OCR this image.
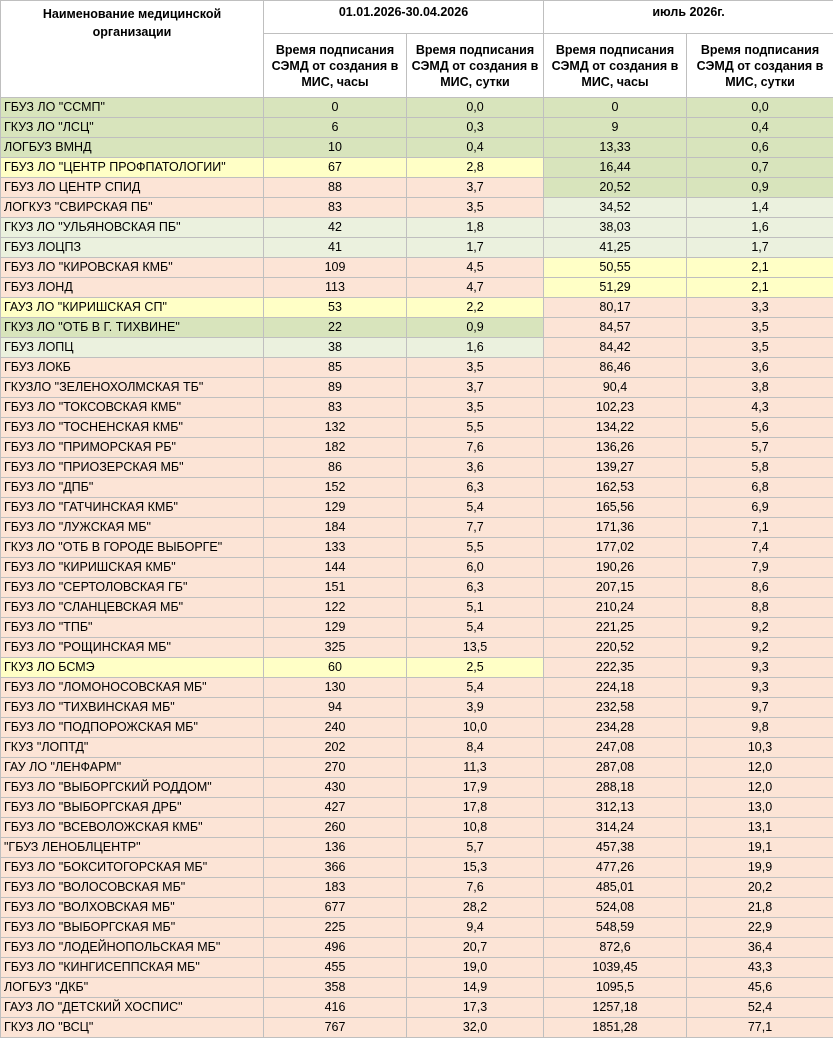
Наименование медицинской организации	01.01.2026-30.04.2026		июль 2026г.	
	Время подписания СЭМД от создания в МИС, часы	Время подписания СЭМД от создания в МИС, сутки	Время подписания СЭМД от создания в МИС, часы	Время подписания СЭМД от создания в МИС, сутки
ГБУЗ ЛО "ССМП"	0	0,0	0	0,0
ГКУЗ ЛО "ЛСЦ"	6	0,3	9	0,4
ЛОГБУЗ ВМНД	10	0,4	13,33	0,6
ГБУЗ ЛО "ЦЕНТР ПРОФПАТОЛОГИИ"	67	2,8	16,44	0,7
ГБУЗ ЛО ЦЕНТР СПИД	88	3,7	20,52	0,9
ЛОГКУЗ "СВИРСКАЯ ПБ"	83	3,5	34,52	1,4
ГКУЗ ЛО "УЛЬЯНОВСКАЯ ПБ"	42	1,8	38,03	1,6
ГБУЗ ЛОЦПЗ	41	1,7	41,25	1,7
ГБУЗ ЛО "КИРОВСКАЯ КМБ"	109	4,5	50,55	2,1
ГБУЗ ЛОНД	113	4,7	51,29	2,1
ГАУЗ ЛО "КИРИШСКАЯ СП"	53	2,2	80,17	3,3
ГКУЗ ЛО "ОТБ В Г. ТИХВИНЕ"	22	0,9	84,57	3,5
ГБУЗ ЛОПЦ	38	1,6	84,42	3,5
ГБУЗ ЛОКБ	85	3,5	86,46	3,6
ГКУЗЛО "ЗЕЛЕНОХОЛМСКАЯ ТБ"	89	3,7	90,4	3,8
ГБУЗ ЛО "ТОКСОВСКАЯ КМБ"	83	3,5	102,23	4,3
ГБУЗ ЛО "ТОСНЕНСКАЯ КМБ"	132	5,5	134,22	5,6
ГБУЗ ЛО "ПРИМОРСКАЯ РБ"	182	7,6	136,26	5,7
ГБУЗ ЛО "ПРИОЗЕРСКАЯ МБ"	86	3,6	139,27	5,8
ГБУЗ ЛО "ДПБ"	152	6,3	162,53	6,8
ГБУЗ ЛО "ГАТЧИНСКАЯ КМБ"	129	5,4	165,56	6,9
ГБУЗ ЛО "ЛУЖСКАЯ МБ"	184	7,7	171,36	7,1
ГКУЗ ЛО "ОТБ В ГОРОДЕ ВЫБОРГЕ"	133	5,5	177,02	7,4
ГБУЗ ЛО "КИРИШСКАЯ КМБ"	144	6,0	190,26	7,9
ГБУЗ ЛО "СЕРТОЛОВСКАЯ ГБ"	151	6,3	207,15	8,6
ГБУЗ ЛО "СЛАНЦЕВСКАЯ МБ"	122	5,1	210,24	8,8
ГБУЗ ЛО "ТПБ"	129	5,4	221,25	9,2
ГБУЗ ЛО "РОЩИНСКАЯ МБ"	325	13,5	220,52	9,2
ГКУЗ ЛО БСМЭ	60	2,5	222,35	9,3
ГБУЗ ЛО "ЛОМОНОСОВСКАЯ МБ"	130	5,4	224,18	9,3
ГБУЗ ЛО "ТИХВИНСКАЯ МБ"	94	3,9	232,58	9,7
ГБУЗ ЛО "ПОДПОРОЖСКАЯ МБ"	240	10,0	234,28	9,8
ГКУЗ "ЛОПТД"	202	8,4	247,08	10,3
ГАУ ЛО "ЛЕНФАРМ"	270	11,3	287,08	12,0
ГБУЗ ЛО "ВЫБОРГСКИЙ РОДДОМ"	430	17,9	288,18	12,0
ГБУЗ ЛО "ВЫБОРГСКАЯ ДРБ"	427	17,8	312,13	13,0
ГБУЗ ЛО "ВСЕВОЛОЖСКАЯ КМБ"	260	10,8	314,24	13,1
"ГБУЗ ЛЕНОБЛЦЕНТР"	136	5,7	457,38	19,1
ГБУЗ ЛО "БОКСИТОГОРСКАЯ МБ"	366	15,3	477,26	19,9
ГБУЗ ЛО "ВОЛОСОВСКАЯ МБ"	183	7,6	485,01	20,2
ГБУЗ ЛО "ВОЛХОВСКАЯ МБ"	677	28,2	524,08	21,8
ГБУЗ ЛО "ВЫБОРГСКАЯ МБ"	225	9,4	548,59	22,9
ГБУЗ ЛО "ЛОДЕЙНОПОЛЬСКАЯ МБ"	496	20,7	872,6	36,4
ГБУЗ ЛО "КИНГИСЕППСКАЯ МБ"	455	19,0	1039,45	43,3
ЛОГБУЗ "ДКБ"	358	14,9	1095,5	45,6
ГАУЗ ЛО "ДЕТСКИЙ ХОСПИС"	416	17,3	1257,18	52,4
ГКУЗ ЛО "ВСЦ"	767	32,0	1851,28	77,1
